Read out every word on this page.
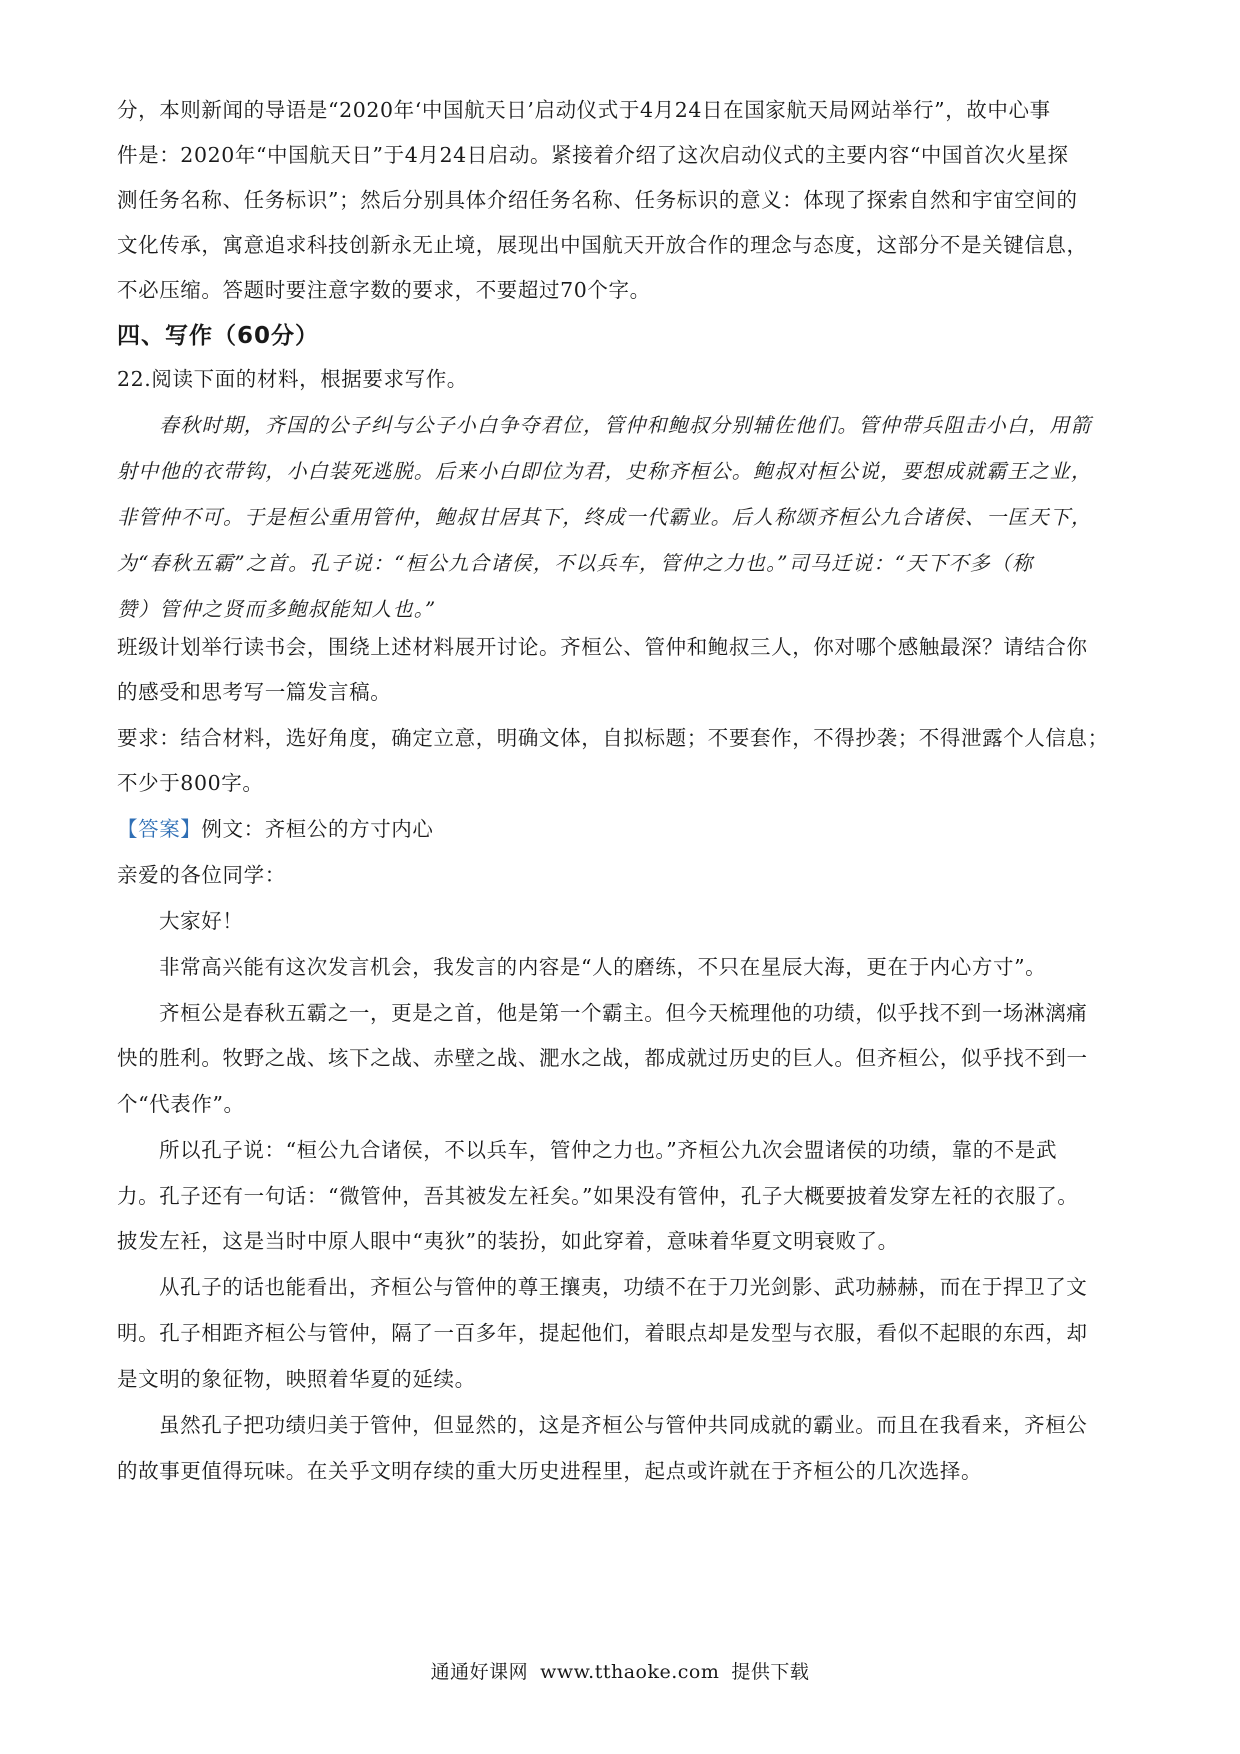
分，本则新闻的导语是“2020年‘中国航天日’启动仪式于4月24日在国家航天局网站举行”，故中心事
件是：2020年“中国航天日”于4月24日启动。紧接着介绍了这次启动仪式的主要内容“中国首次火星探
测任务名称、任务标识”；然后分别具体介绍任务名称、任务标识的意义：体现了探索自然和宇宙空间的
文化传承，寓意追求科技创新永无止境，展现出中国航天开放合作的理念与态度，这部分不是关键信息，
不必压缩。答题时要注意字数的要求，不要超过70个字。
四、写作（60分）
22.阅读下面的材料，根据要求写作。
春秋时期，齐国的公子纠与公子小白争夺君位，管仲和鲍叔分别辅佐他们。管仲带兵阻击小白，用箭
射中他的衣带钩，小白装死逃脱。后来小白即位为君，史称齐桓公。鲍叔对桓公说，要想成就霸王之业，
非管仲不可。于是桓公重用管仲，鲍叔甘居其下，终成一代霸业。后人称颂齐桓公九合诸侯、一匡天下，
为“春秋五霸”之首。孔子说：“桓公九合诸侯，不以兵车，管仲之力也。”司马迁说：“天下不多（称
赞）管仲之贤而多鲍叔能知人也。”
班级计划举行读书会，围绕上述材料展开讨论。齐桓公、管仲和鲍叔三人，你对哪个感触最深？请结合你
的感受和思考写一篇发言稿。
要求：结合材料，选好角度，确定立意，明确文体，自拟标题；不要套作，不得抄袭；不得泄露个人信息；
不少于800字。
【答案】例文：齐桓公的方寸内心
亲爱的各位同学：
大家好！
非常高兴能有这次发言机会，我发言的内容是“人的磨练，不只在星辰大海，更在于内心方寸”。
齐桓公是春秋五霸之一，更是之首，他是第一个霸主。但今天梳理他的功绩，似乎找不到一场淋漓痛
快的胜利。牧野之战、垓下之战、赤壁之战、淝水之战，都成就过历史的巨人。但齐桓公，似乎找不到一
个“代表作”。
所以孔子说：“桓公九合诸侯，不以兵车，管仲之力也。”齐桓公九次会盟诸侯的功绩，靠的不是武
力。孔子还有一句话：“微管仲，吾其被发左衽矣。”如果没有管仲，孔子大概要披着发穿左衽的衣服了。
披发左衽，这是当时中原人眼中“夷狄”的装扮，如此穿着，意味着华夏文明衰败了。
从孔子的话也能看出，齐桓公与管仲的尊王攘夷，功绩不在于刀光剑影、武功赫赫，而在于捍卫了文
明。孔子相距齐桓公与管仲，隔了一百多年，提起他们，着眼点却是发型与衣服，看似不起眼的东西，却
是文明的象征物，映照着华夏的延续。
虽然孔子把功绩归美于管仲，但显然的，这是齐桓公与管仲共同成就的霸业。而且在我看来，齐桓公
的故事更值得玩味。在关乎文明存续的重大历史进程里，起点或许就在于齐桓公的几次选择。
通通好课网 www.tthaoke.com 提供下载
